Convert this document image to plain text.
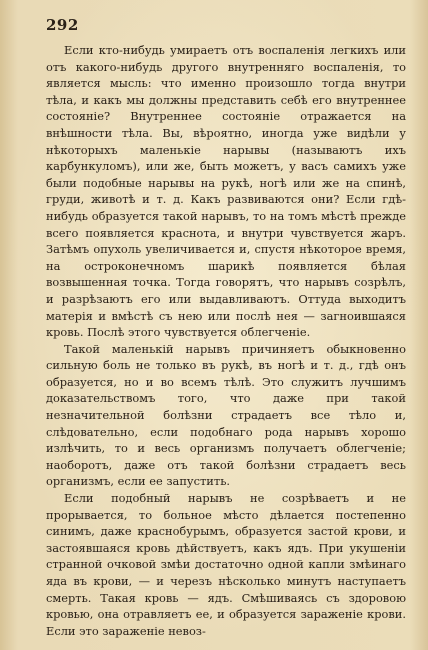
292

Если кто-нибудь умираетъ отъ воспаленія легкихъ или отъ какого-нибудь другого внутренняго воспаленія, то является мысль: что именно произошло тогда внутри тѣла, и какъ мы должны представить себѣ его внутреннее состояніе? Внутреннее состояніе отражается на внѣшности тѣла. Вы, вѣроятно, иногда уже видѣли у нѣкоторыхъ маленькіе нарывы (называютъ ихъ карбункуломъ), или же, быть можетъ, у васъ самихъ уже были подобные нарывы на рукѣ, ногѣ или же на спинѣ, груди, животѣ и т. д. Какъ развиваются они? Если гдѣ-нибудь образуется такой нарывъ, то на томъ мѣстѣ прежде всего появляется краснота, и внутри чувствуется жаръ. Затѣмъ опухоль увеличивается и, спустя нѣкоторое время, на остроконечномъ шарикѣ появляется бѣлая возвышенная точка. Тогда говорятъ, что нарывъ созрѣлъ, и разрѣзаютъ его или выдавливаютъ. Оттуда выходитъ матерія и вмѣстѣ съ нею или послѣ нея — загноившаяся кровь. Послѣ этого чувствуется облегченіе.

Такой маленькій нарывъ причиняетъ обыкновенно сильную боль не только въ рукѣ, въ ногѣ и т. д., гдѣ онъ образуется, но и во всемъ тѣлѣ. Это служитъ лучшимъ доказательствомъ того, что даже при такой незначительной болѣзни страдаетъ все тѣло и, слѣдовательно, если подобнаго рода нарывъ хорошо излѣчить, то и весь организмъ получаетъ облегченіе; наоборотъ, даже отъ такой болѣзни страдаетъ весь организмъ, если ее запустить.

Если подобный нарывъ не созрѣваетъ и не прорывается, то больное мѣсто дѣлается постепенно синимъ, даже краснобурымъ, образуется застой крови, и застоявшаяся кровь дѣйствуетъ, какъ ядъ. При укушеніи странной очковой змѣи достаточно одной капли змѣинаго яда въ крови, — и черезъ нѣсколько минутъ наступаетъ смерть. Такая кровь — ядъ. Смѣшиваясь съ здоровою кровью, она отравляетъ ее, и образуется зараженіе крови. Если это зараженіе невоз-
